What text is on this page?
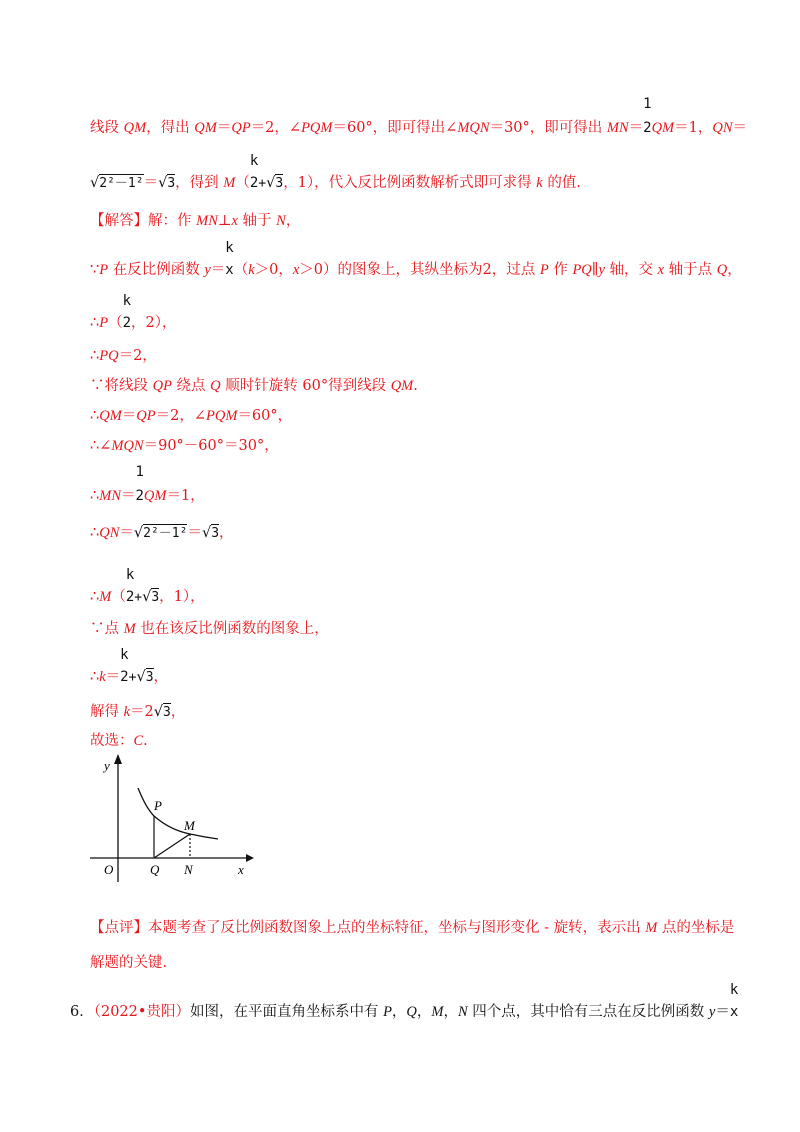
线段 QM，得出 QM＝QP＝2，∠PQM＝60°，即可得出∠MQN＝30°，即可得出 MN＝
1
2QM＝1，QN＝
√2²－1²＝√3，得到 M（
k
2+√3，1），代入反比例函数解析式即可求得 k 的值.
【解答】解：作 MN⊥x 轴于 N，
∵P 在反比例函数 y＝
k
x（k＞0，x＞0）的图象上，其纵坐标为2，过点 P 作 PQ∥y 轴，交 x 轴于点 Q，
∴P（
k
2，2），
∴PQ＝2，
∵将线段 QP 绕点 Q 顺时针旋转 60°得到线段 QM.
∴QM＝QP＝2，∠PQM＝60°，
∴∠MQN＝90°－60°＝30°，
∴MN＝
1
2QM＝1，
∴QN＝√2²－1²＝√3，
∴M（
k
2+√3，1），
∵点 M 也在该反比例函数的图象上，
∴k＝
k
2+√3，
解得 k＝2√3，
故选：C.
y
x
O
P
Q
M
N
【点评】本题考查了反比例函数图象上点的坐标特征，坐标与图形变化 - 旋转，表示出 M 点的坐标是
解题的关键.
6．（2022•贵阳）如图，在平面直角坐标系中有 P，Q，M，N 四个点，其中恰有三点在反比例函数 y＝
k
x
